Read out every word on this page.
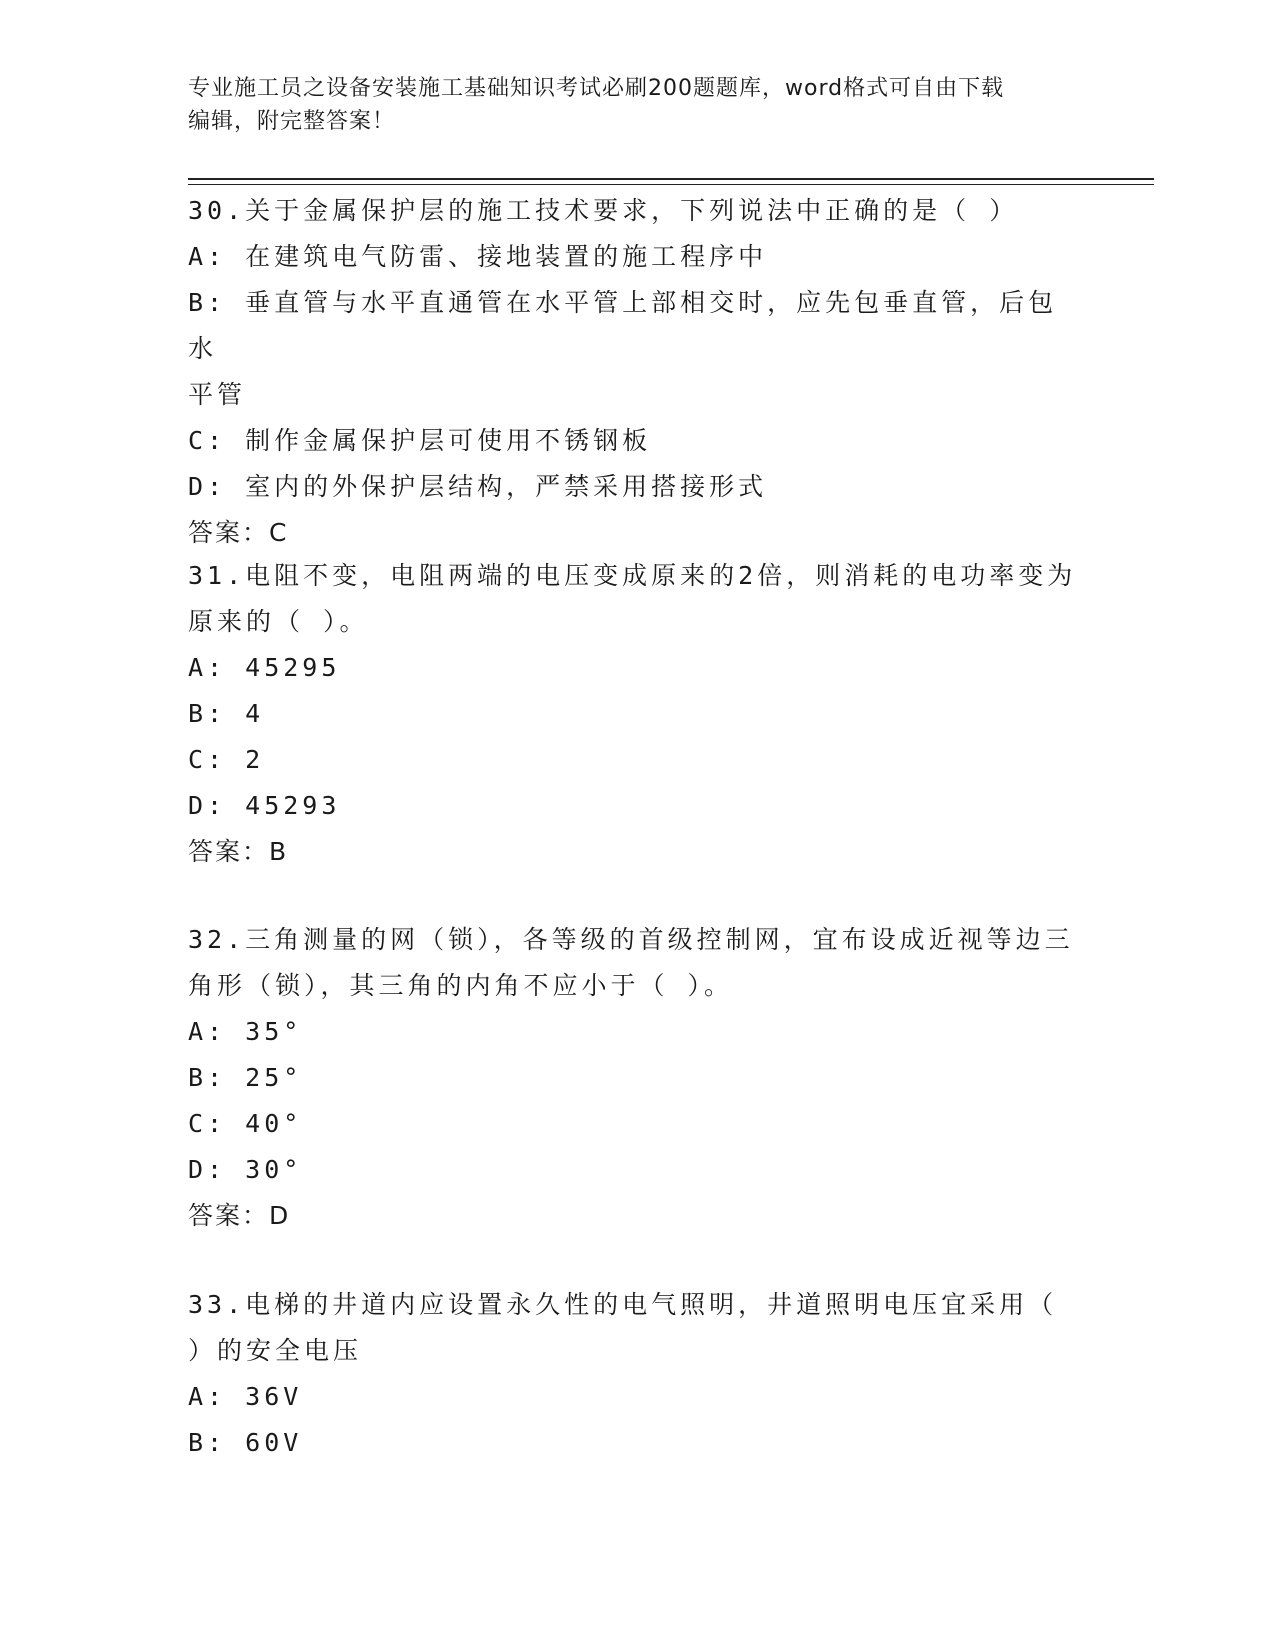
专业施工员之设备安装施工基础知识考试必刷200题题库，word格式可自由下载
编辑，附完整答案！
30.关于金属保护层的施工技术要求，下列说法中正确的是（ ）
A: 在建筑电气防雷、接地装置的施工程序中
B: 垂直管与水平直通管在水平管上部相交时，应先包垂直管，后包水
平管
C: 制作金属保护层可使用不锈钢板
D: 室内的外保护层结构，严禁采用搭接形式
答案：C
31.电阻不变，电阻两端的电压变成原来的2倍，则消耗的电功率变为
原来的（ ）。
A: 45295
B: 4
C: 2
D: 45293
答案：B
32.三角测量的网（锁），各等级的首级控制网，宜布设成近视等边三
角形（锁），其三角的内角不应小于（ ）。
A: 35°
B: 25°
C: 40°
D: 30°
答案：D
33.电梯的井道内应设置永久性的电气照明，井道照明电压宜采用（
）的安全电压
A: 36V
B: 60V
